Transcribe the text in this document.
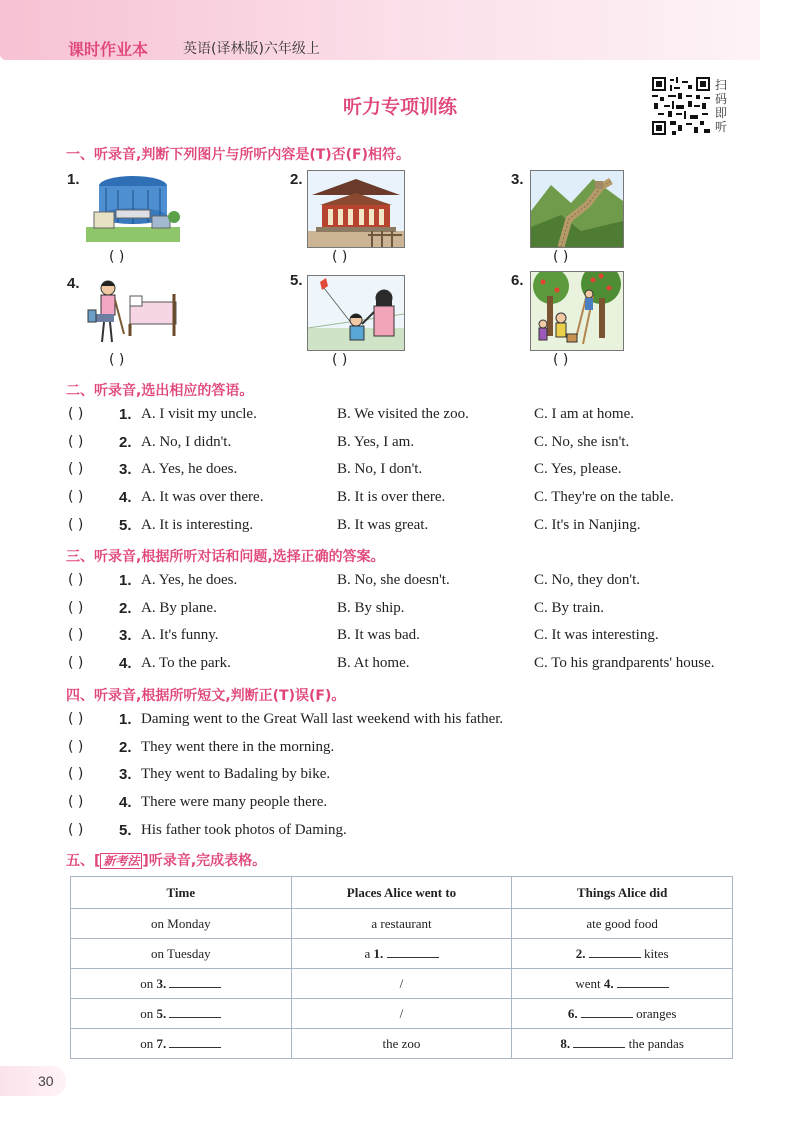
课时作业本 英语(译林版)六年级上
听力专项训练
扫
码
即
听
一、听录音,判断下列图片与所听内容是(T)否(F)相符。
1.
( )
2.
( )
3.
( )
4.
( )
5.
( )
6.
( )
二、听录音,选出相应的答语。
( ) 1. A. I visit my uncle.	B. We visited the zoo.	C. I am at home.
( ) 2. A. No, I didn't.	B. Yes, I am.	C. No, she isn't.
( ) 3. A. Yes, he does.	B. No, I don't.	C. Yes, please.
( ) 4. A. It was over there.	B. It is over there.	C. They're on the table.
( ) 5. A. It is interesting.	B. It was great.	C. It's in Nanjing.
三、听录音,根据所听对话和问题,选择正确的答案。
( ) 1. A. Yes, he does.	B. No, she doesn't.	C. No, they don't.
( ) 2. A. By plane.	B. By ship.	C. By train.
( ) 3. A. It's funny.	B. It was bad.	C. It was interesting.
( ) 4. A. To the park.	B. At home.	C. To his grandparents' house.
四、听录音,根据所听短文,判断正(T)误(F)。
( ) 1. Daming went to the Great Wall last weekend with his father.
( ) 2. They went there in the morning.
( ) 3. They went to Badaling by bike.
( ) 4. There were many people there.
( ) 5. His father took photos of Daming.
五、[ 新考法 ]听录音,完成表格。
Time	Places Alice went to	Things Alice did
on Monday	a restaurant	ate good food
on Tuesday	a 1.	2. kites
on 3.	/	went 4.
on 5.	/	6. oranges
on 7.	the zoo	8. the pandas
30
